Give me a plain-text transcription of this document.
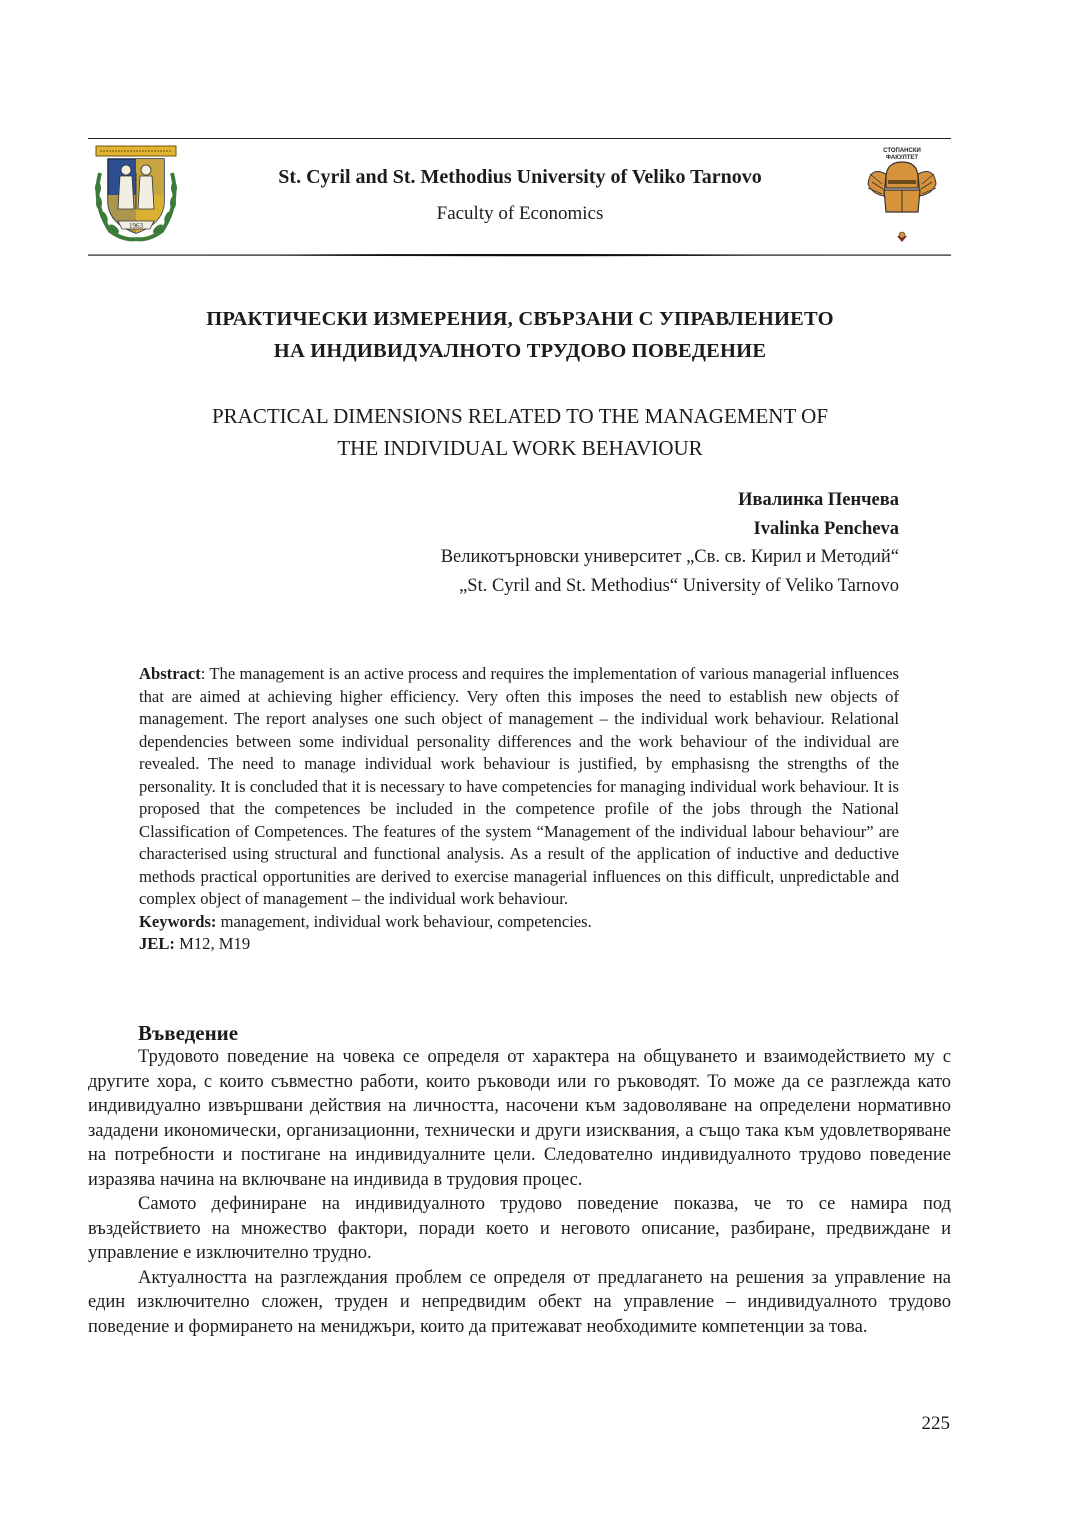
1963
St. Cyril and St. Methodius University of Veliko Tarnovo
Faculty of Economics
СТОПАНСКИ
ФАКУЛТЕТ
ПРАКТИЧЕСКИ ИЗМЕРЕНИЯ, СВЪРЗАНИ С УПРАВЛЕНИЕТО
НА ИНДИВИДУАЛНОТО ТРУДОВО ПОВЕДЕНИЕ
PRACTICAL DIMENSIONS RELATED TO THE MANAGEMENT OF
THE INDIVIDUAL WORK BEHAVIOUR
Ивалинка Пенчева
Ivalinka Pencheva
Великотърновски университет „Св. св. Кирил и Методий“
„St. Cyril and St. Methodius“ University of Veliko Tarnovo

Abstract: The management is an active process and requires the implementation of various managerial influences that are aimed at achieving higher efficiency. Very often this imposes the need to establish new objects of management. The report analyses one such object of management – the individual work behaviour. Relational dependencies between some individual personality differences and the work behaviour of the individual are revealed. The need to manage individual work behaviour is justified, by emphasisng the strengths of the personality. It is concluded that it is necessary to have competencies for managing individual work behaviour. It is proposed that the competences be included in the competence profile of the jobs through the National Classification of Competences. The features of the system “Management of the individual labour behaviour” are characterised using structural and functional analysis. As a result of the application of inductive and deductive methods practical opportunities are derived to exercise managerial influences on this difficult, unpredictable and complex object of management – the individual work behaviour.

Keywords: management, individual work behaviour, competencies.

JEL: M12, M19

Въведение

Трудовото поведение на човека се определя от характера на общуването и взаимодействието му с другите хора, с които съвместно работи, които ръководи или го ръководят. То може да се разглежда като индивидуално извършвани действия на личността, насочени към задоволяване на определени нормативно зададени икономически, организационни, технически и други изисквания, а също така към удовлетворяване на потребности и постигане на индивидуалните цели. Следователно индивидуалното трудово поведение изразява начина на включване на индивида в трудовия процес.

Самото дефиниране на индивидуалното трудово поведение показва, че то се намира под въздействието на множество фактори, поради което и неговото описание, разбиране, предвиждане и управление е изключително трудно.

Актуалността на разглеждания проблем се определя от предлагането на решения за управление на един изключително сложен, труден и непредвидим обект на управление – индивидуалното трудово поведение и формирането на мениджъри, които да притежават необходимите компетенции за това.

225
